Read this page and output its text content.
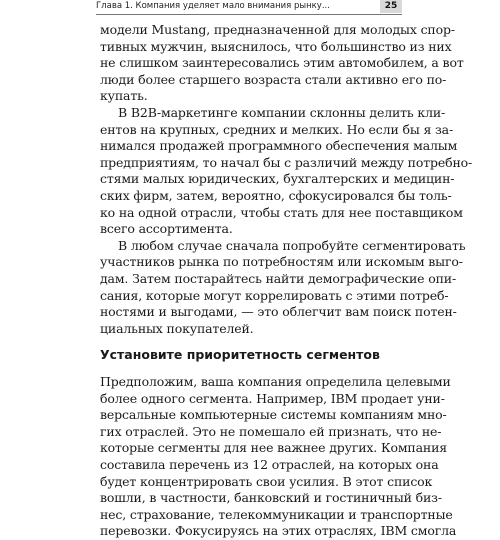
Глава 1. Компания уделяет мало внимания рынку...	25
модели Mustang, предназначенной для молодых спор-
тивных мужчин, выяснилось, что большинство из них
не слишком заинтересовались этим автомобилем, а вот
люди более старшего возраста стали активно его по-
купать.
В B2B-маркетинге компании склонны делить кли-
ентов на крупных, средних и мелких. Но если бы я за-
нимался продажей программного обеспечения малым
предприятиям, то начал бы с различий между потребно-
стями малых юридических, бухгалтерских и медицин-
ских фирм, затем, вероятно, сфокусировался бы толь-
ко на одной отрасли, чтобы стать для нее поставщиком
всего ассортимента.
В любом случае сначала попробуйте сегментировать
участников рынка по потребностям или искомым выго-
дам. Затем постарайтесь найти демографические опи-
сания, которые могут коррелировать с этими потреб-
ностями и выгодами, — это облегчит вам поиск потен-
циальных покупателей.
Установите приоритетность сегментов
Предположим, ваша компания определила целевыми
более одного сегмента. Например, IBM продает уни-
версальные компьютерные системы компаниям мно-
гих отраслей. Это не помешало ей признать, что не-
которые сегменты для нее важнее других. Компания
составила перечень из 12 отраслей, на которых она
будет концентрировать свои усилия. В этот список
вошли, в частности, банковский и гостиничный биз-
нес, страхование, телекоммуникации и транспортные
перевозки. Фокусируясь на этих отраслях, IBM смогла
